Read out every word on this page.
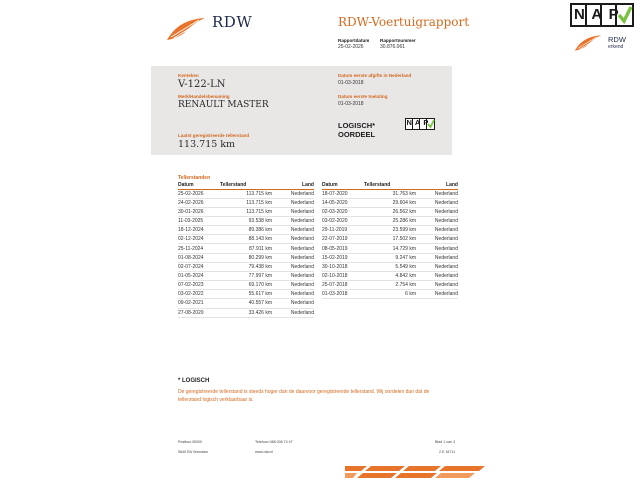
RDW	RDW-Voertuigrapport
Rapportdatum
25-02-2026
Rapportnummer
30.876.061
NAP
RDW
erkend
Kenteken
V-122-LN
Merk/Handelsbenaming
RENAULT MASTER
Laatst geregistreerde tellerstand
113.715 km
Datum eerste afgifte in Nederland
01-03-2018
Datum eerste toelating
01-03-2018
LOGISCH*
OORDEEL
NAP
Tellerstanden
Datum	Tellerstand	Land
25-02-2026	113.715 km	Nederland
24-02-2026	113.715 km	Nederland
30-01-2026	113.715 km	Nederland
11-03-2025	93.538 km	Nederland
18-12-2024	89.386 km	Nederland
02-12-2024	88.143 km	Nederland
25-11-2024	87.911 km	Nederland
01-08-2024	80.299 km	Nederland
02-07-2024	79.438 km	Nederland
01-05-2024	77.997 km	Nederland
07-02-2023	69.170 km	Nederland
03-02-2022	55.617 km	Nederland
09-02-2021	40.557 km	Nederland
27-08-2020	33.426 km	Nederland
Datum	Tellerstand	Land
18-07-2020	31.763 km	Nederland
14-05-2020	29.604 km	Nederland
02-03-2020	26.562 km	Nederland
03-02-2020	25.286 km	Nederland
29-11-2019	23.599 km	Nederland
22-07-2019	17.502 km	Nederland
08-05-2019	14.729 km	Nederland
15-02-2019	9.247 km	Nederland
30-10-2018	5.549 km	Nederland
02-10-2018	4.842 km	Nederland
25-07-2018	2.754 km	Nederland
01-03-2018	6 km	Nederland
* LOGISCH
De geregistreerde tellerstand is steeds hoger dan de daarvoor geregistreerde tellerstand. Wij oordelen dan dat de tellerstand logisch verklaarbaar is.
Postbus 30000
9640 RA Veendam
Telefoon 088 008 74 47
www.rdw.nl
Blad 1 van 3
2.E 16711
